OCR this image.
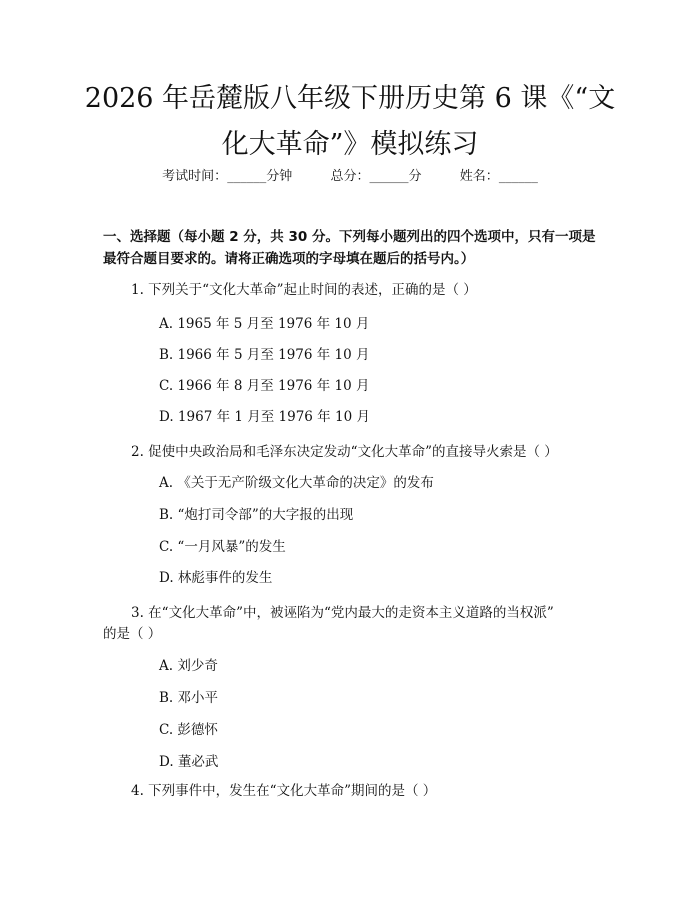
2026 年岳麓版八年级下册历史第 6 课《“文化大革命”》模拟练习
考试时间：______分钟	总分：______分	姓名：______
一、选择题（每小题 2 分，共 30 分。下列每小题列出的四个选项中，只有一项是最符合题目要求的。请将正确选项的字母填在题后的括号内。）
1. 下列关于“文化大革命”起止时间的表述，正确的是（ ）
A. 1965 年 5 月至 1976 年 10 月
B. 1966 年 5 月至 1976 年 10 月
C. 1966 年 8 月至 1976 年 10 月
D. 1967 年 1 月至 1976 年 10 月
2. 促使中央政治局和毛泽东决定发动“文化大革命”的直接导火索是（ ）
A. 《关于无产阶级文化大革命的决定》的发布
B. “炮打司令部”的大字报的出现
C. “一月风暴”的发生
D. 林彪事件的发生
3. 在“文化大革命”中，被诬陷为“党内最大的走资本主义道路的当权派”
的是（ ）
A. 刘少奇
B. 邓小平
C. 彭德怀
D. 董必武
4. 下列事件中，发生在“文化大革命”期间的是（ ）
